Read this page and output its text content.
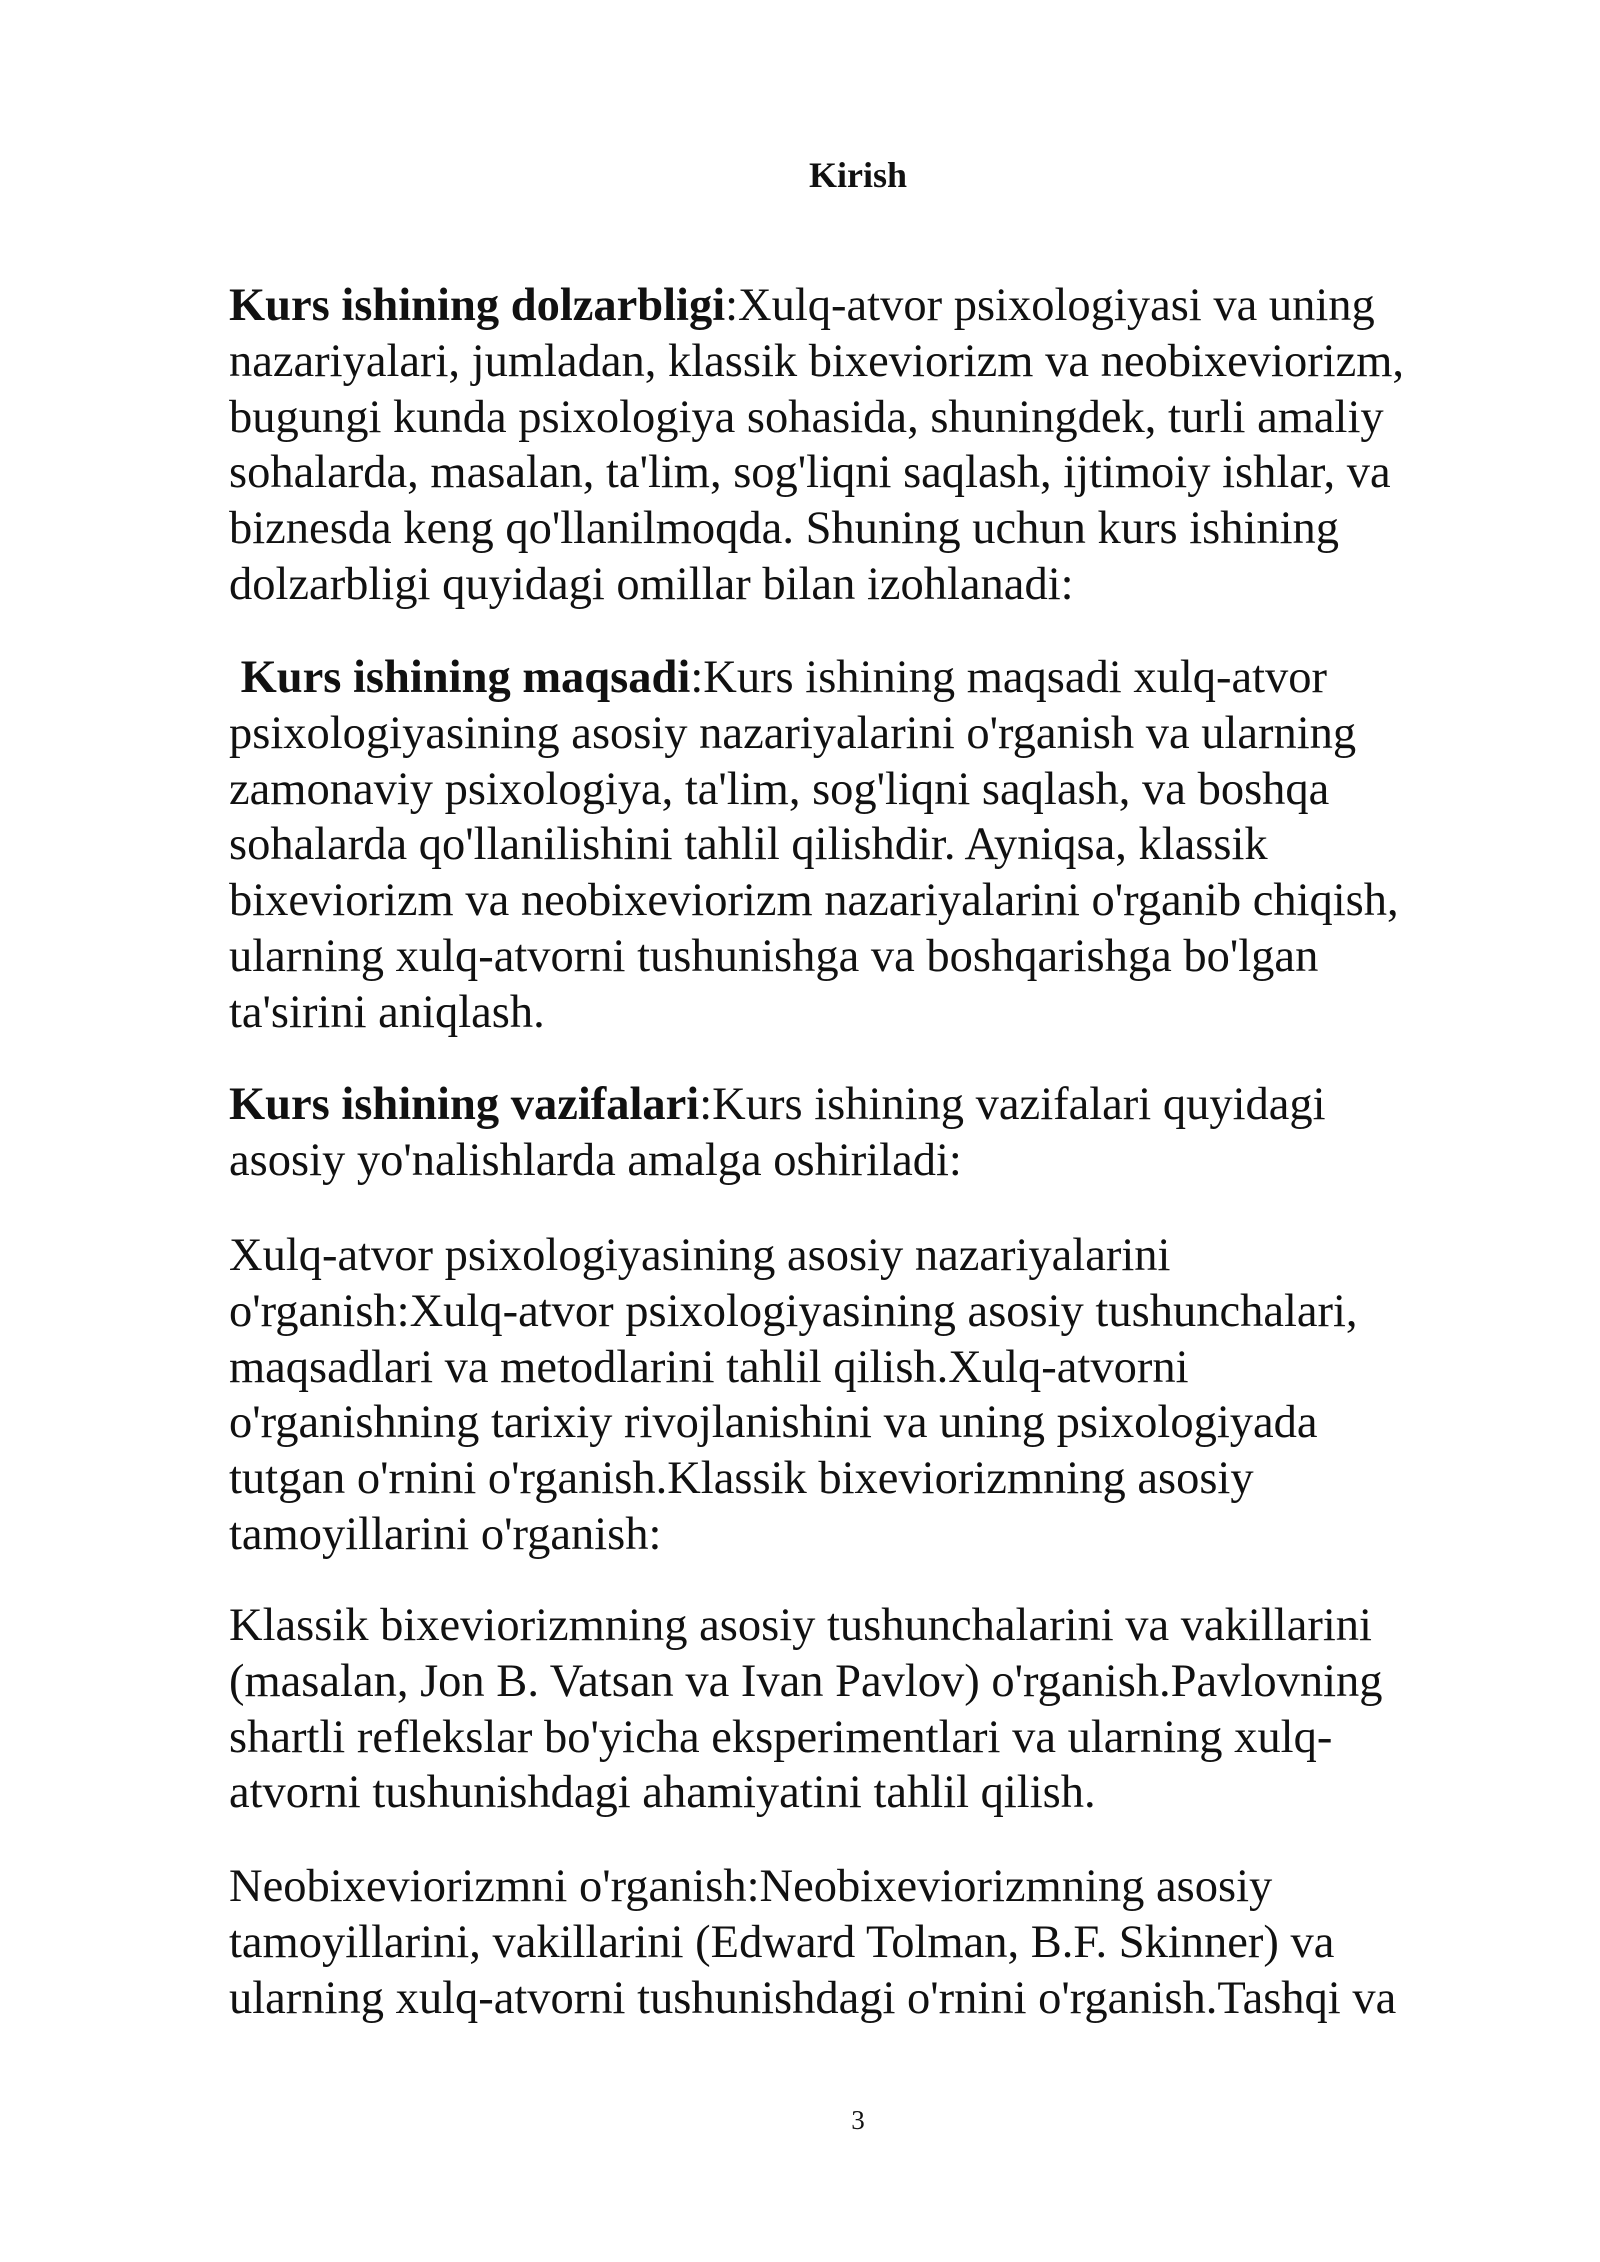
Kirish

Kurs ishining dolzarbligi:Xulq-atvor psixologiyasi va uning
nazariyalari, jumladan, klassik bixeviorizm va neobixeviorizm,
bugungi kunda psixologiya sohasida, shuningdek, turli amaliy
sohalarda, masalan, ta'lim, sog'liqni saqlash, ijtimoiy ishlar, va
biznesda keng qo'llanilmoqda. Shuning uchun kurs ishining
dolzarbligi quyidagi omillar bilan izohlanadi:

Kurs ishining maqsadi:Kurs ishining maqsadi xulq-atvor
psixologiyasining asosiy nazariyalarini o'rganish va ularning
zamonaviy psixologiya, ta'lim, sog'liqni saqlash, va boshqa
sohalarda qo'llanilishini tahlil qilishdir. Ayniqsa, klassik
bixeviorizm va neobixeviorizm nazariyalarini o'rganib chiqish,
ularning xulq-atvorni tushunishga va boshqarishga bo'lgan
ta'sirini aniqlash.

Kurs ishining vazifalari:Kurs ishining vazifalari quyidagi
asosiy yo'nalishlarda amalga oshiriladi:

Xulq-atvor psixologiyasining asosiy nazariyalarini
o'rganish:Xulq-atvor psixologiyasining asosiy tushunchalari,
maqsadlari va metodlarini tahlil qilish.Xulq-atvorni
o'rganishning tarixiy rivojlanishini va uning psixologiyada
tutgan o'rnini o'rganish.Klassik bixeviorizmning asosiy
tamoyillarini o'rganish:

Klassik bixeviorizmning asosiy tushunchalarini va vakillarini
(masalan, Jon B. Vatsan va Ivan Pavlov) o'rganish.Pavlovning
shartli reflekslar bo'yicha eksperimentlari va ularning xulq-
atvorni tushunishdagi ahamiyatini tahlil qilish.

Neobixeviorizmni o'rganish:Neobixeviorizmning asosiy
tamoyillarini, vakillarini (Edward Tolman, B.F. Skinner) va
ularning xulq-atvorni tushunishdagi o'rnini o'rganish.Tashqi va

3
